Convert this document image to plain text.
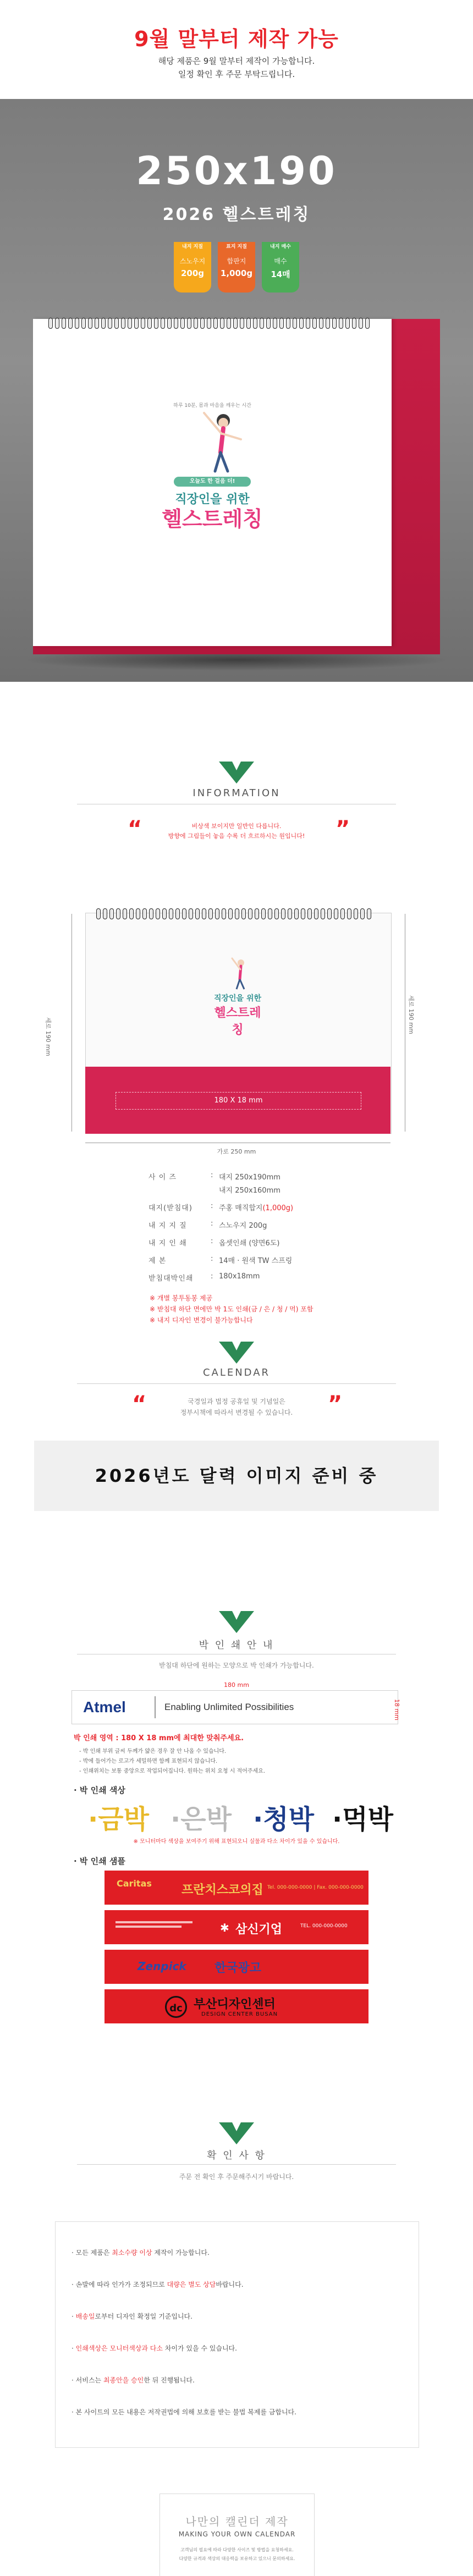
9월 말부터 제작 가능
해당 제품은 9월 말부터 제작이 가능합니다.
일정 확인 후 주문 부탁드립니다.
250x190
2026 헬스트레칭
내지 지질
스노우지
200g
표지 지질
합판지
1,000g
내지 매수
매수
14매
하루 10분, 몸과 마음을 깨우는 시간
오늘도 한 걸음 더!
직장인을 위한
헬스트레칭
INFORMATION
“	”
비상색 보이지만 일반인 다릅니다.
방향에 그림들이 놓음 수록 더 흐르하시는 원입니다!
직장인을 위한
헬스트레칭
180 X 18 mm
세로 190 mm
세로 190 mm
가로 250 mm
사 이 즈	: 대지 250x190mm
내지 250x160mm
대지(받침대)	: 주홍 매직합지(1,000g)
내 지 지 질	: 스노우지 200g
내 지 인 쇄	: 옵셋인쇄 (양면6도)
제 본	: 14매 · 원색 TW 스프링
받침대박인쇄	: 180x18mm
※ 개별 봉투동봉 제공
※ 받침대 하단 면에만 박 1도 인쇄(금 / 은 / 청 / 먹) 포함
※ 내지 디자인 변경이 불가능합니다
CALENDAR
“	”
국경일과 법정 공휴일 및 기념일은
정부시책에 따라서 변경될 수 있습니다.
2026년도 달력 이미지 준비 중
박 인 쇄 안 내
받침대 하단에 원하는 모양으로 박 인쇄가 가능합니다.
180 mm
Atmel	Enabling Unlimited Possibilities	18 mm
박 인쇄 영역 : 180 X 18 mm에 최대한 맞춰주세요.
- 박 인쇄 부위 글씨 두께가 얇은 경우 잘 안 나올 수 있습니다.
- 박에 들어가는 로고가 세밀하면 함께 표현되지 않습니다.
- 인쇄위치는 보통 중앙으로 작업되어집니다. 원하는 위치 요청 시 적어주세요.
· 박 인쇄 색상
·금박 ·은박 ·청박 ·먹박
※ 모니터마다 색상을 보여주기 위해 표현되오니 실물과 다소 차이가 있을 수 있습니다.
· 박 인쇄 샘플
Caritas 프란치스코의집 Tel. 000-000-0000 | Fax. 000-000-0000
✱ 삼신기업	TEL. 000-000-0000
Zenpick 한국광고
dc 부산디자인센터
DESIGN CENTER BUSAN
확 인 사 항
주문 전 확인 후 주문해주시기 바랍니다.
· 모든 제품은 최소수량 이상 제작이 가능합니다.
· 손발에 따라 인가가 조정되므로 대량은 별도 상담바랍니다.
· 배송일로부터 디자인 확정일 기준입니다.
· 인쇄색상은 모니터색상과 다소 차이가 있을 수 있습니다.
· 서비스는 최종안을 승인한 뒤 진행됩니다.
· 본 사이트의 모든 내용은 저작권법에 의해 보호를 받는 불법 복제를 금합니다.
나만의 캘린더 제작
MAKING YOUR OWN CALENDAR
고객님의 필요에 따라 다양한 사이즈 및 방법을 요청하세요.
다양한 규격과 색상의 대응력을 보유하고 있으니 문의하세요.
